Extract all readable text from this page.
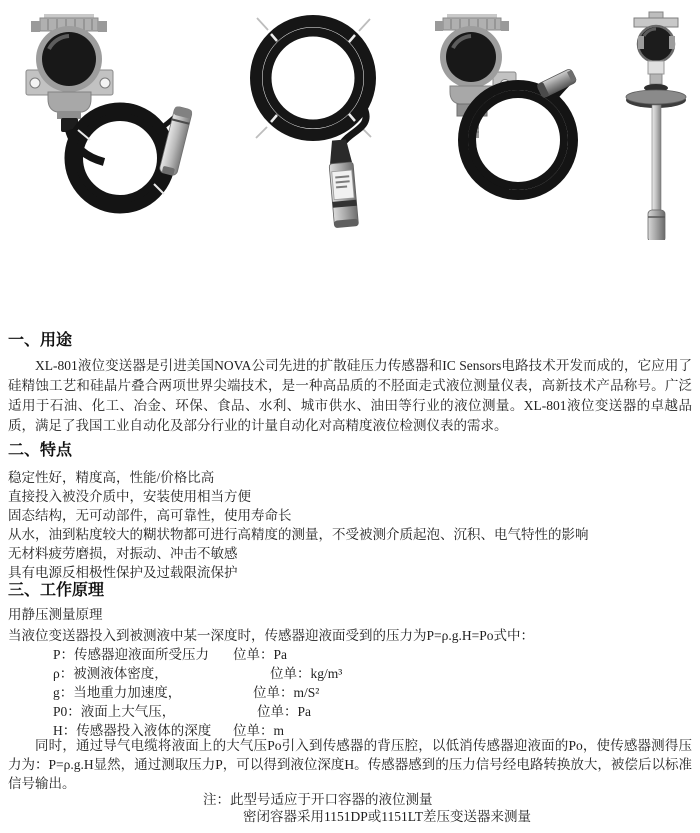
一、用途

XL-801液位变送器是引进美国NOVA公司先进的扩散硅压力传感器和IC Sensors电路技术开发而成的，它应用了硅精蚀工艺和硅晶片叠合两项世界尖端技术，是一种高品质的不胫面走式液位测量仪表，高新技术产品称号。广泛适用于石油、化工、冶金、环保、食品、水利、城市供水、油田等行业的液位测量。XL-801液位变送器的卓越品质，满足了我国工业自动化及部分行业的计量自动化对高精度液位检测仪表的需求。

二、特点
稳定性好，精度高，性能/价格比高
直接投入被没介质中，安装使用相当方便
固态结构，无可动部件，高可靠性，使用寿命长
从水，油到粘度较大的糊状物都可进行高精度的测量，不受被测介质起泡、沉积、电气特性的影响
无材料疲劳磨损，对振动、冲击不敏感
具有电源反相极性保护及过载限流保护
三、工作原理
用静压测量原理
当液位变送器投入到被测液中某一深度时，传感器迎液面受到的压力为P=ρ.g.H=Po式中：
P：传感器迎液面所受压力 位单：Pa
ρ：被测液体密度，	位单：kg/m³
g：当地重力加速度，	位单：m/S²
P0：液面上大气压，	位单：Pa
H：传感器投入液体的深度 位单：m

同时，通过导气电缆将液面上的大气压Po引入到传感器的背压腔，以低消传感器迎液面的Po，使传感器测得压力为：P=ρ.g.H显然，通过测取压力P，可以得到液位深度H。传感器感到的压力信号经电路转换放大，被偿后以标准信号输出。

注：此型号适应于开口容器的液位测量
密闭容器采用1151DP或1151LT差压变送器来测量
